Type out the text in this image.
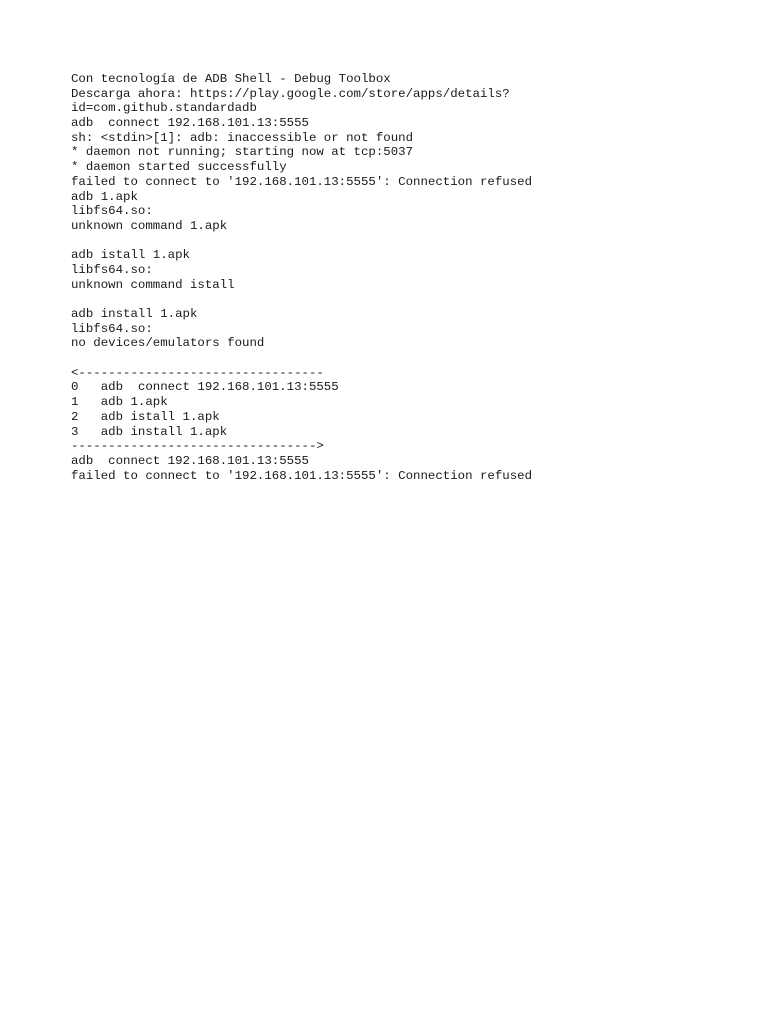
Con tecnología de ADB Shell - Debug Toolbox
Descarga ahora: https://play.google.com/store/apps/details?
id=com.github.standardadb
adb  connect 192.168.101.13:5555
sh: <stdin>[1]: adb: inaccessible or not found
* daemon not running; starting now at tcp:5037
* daemon started successfully
failed to connect to '192.168.101.13:5555': Connection refused
adb 1.apk
libfs64.so:
unknown command 1.apk
adb istall 1.apk
libfs64.so:
unknown command istall
adb install 1.apk
libfs64.so:
no devices/emulators found
<---------------------------------
0   adb  connect 192.168.101.13:5555
1   adb 1.apk
2   adb istall 1.apk
3   adb install 1.apk
--------------------------------->
adb  connect 192.168.101.13:5555
failed to connect to '192.168.101.13:5555': Connection refused
